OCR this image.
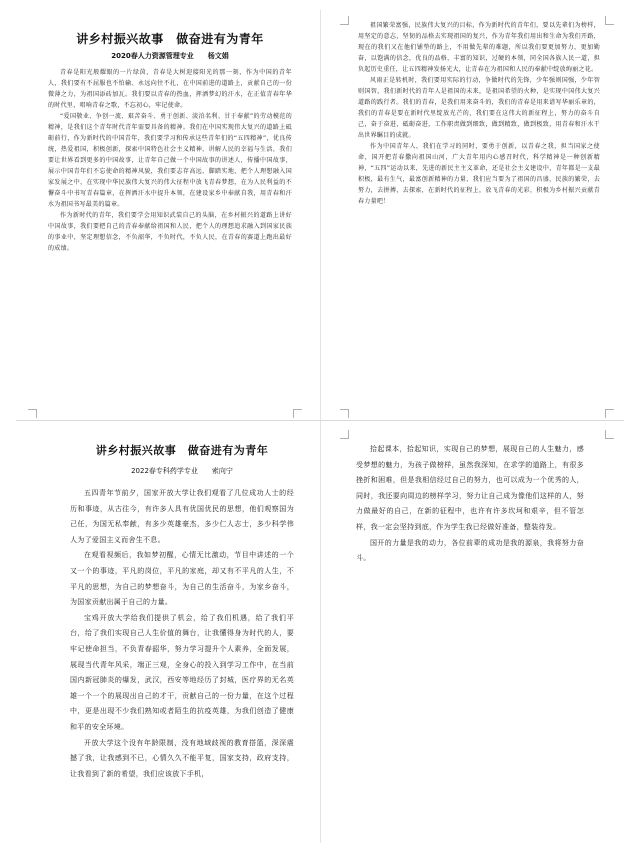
讲乡村振兴故事　做奋进有为青年
2020春人力资源管理专业　　杨文娟

青春是阳光般耀眼的一片绿茵，青春是大树迎接阳光的那一刻，作为中国的青年人，我们要有不屈服也不怕输、永远向往不扎，在中国前进的道路上，贡献自己的一份微薄之力，为祖国添砖加瓦。我们要以青春的热血，挥洒梦幻的汗水，在正值青春年华的时代里，唱响青春之歌，不忘初心，牢记使命。

“爱国敬业、争创一流、艰苦奋斗、勇于创新、淡泊名利、甘于奉献”的劳动模范的精神，是我们这个青年时代青年需要具备的精神。我们在中国实现伟大复兴的道路上砥砺前行，作为新时代的中国青年，我们要学习和传承这些青年们的“五四精神”，优良传统，热爱祖国，积极创新，探索中国特色社会主义精神，讲解人民的幸福与生活，我们要让世界看到更多的中国故事，让青年自己做一个中国故事的讲述人，传播中国故事，展示中国青年们不忘使命的精神风貌，我们要志存高远，脚踏实地，把个人理想融入国家发展之中，在实现中华民族伟大复兴的伟大征程中放飞青春梦想，在为人民利益的不懈奋斗中书写青春篇章，在挥洒汗水中提升本领，在建设家乡中奉献自我，用青春和汗水为祖国书写最美的篇章。

作为新时代的青年，我们要学会用知识武装自己的头脑，在乡村振兴的道路上讲好中国故事，我们要把自己的青春奉献给祖国和人民，把个人的理想追求融入到国家民族的事业中，坚定理想信念，不负韶华，不负时代，不负人民，在青春的赛道上跑出最好的成绩。

祖国繁荣富强，民族伟大复兴的目标，作为新时代的青年们，要以先辈们为榜样，用坚定的意志，坚韧的品格去实现祖国的复兴，作为青年我们用出和生命为我们开路，现在的我们又在他们铺垫的路上，不用做先辈的难题，所以我们要更加努力，更加勤奋，以饱满的信念，优良的品格，丰富的知识，过硬的本领，同全国各族人民一道，担负起历史重任，让五四精神发扬光大，让青春在为祖国和人民的奉献中绽放绚丽之花。

风雨正是转机时，我们要用实际的行动，争做时代的先锋，少年强则国强，少年智则国智，我们新时代的青年人是祖国的未来，是祖国希望的火种，是实现中国伟大复兴道路的践行者。我们的青春，是我们用来奋斗的，我们的青春是用来谱写华丽乐章的，我们的青春是要在新时代里绽放光芒的，我们要在这伟大的新征程上，努力的奋斗自己，奋于奋进，砥砺奋进，工作职责做到细致，做到精致，做到极致，用青春和汗水干出世界瞩目的成就。

作为中国青年人，我们在学习的同时，要勇于创新，以青春之我，担当国家之使命，国开把青春撒向祖国山河，广大青年用内心感召时代，科学精神是一种创新精神，“五四”运动以来，先进的新民主主义革命，还是社会主义建设中，青年都是一支最积极，最有生气，最富创新精神的力量，我们应当要为了祖国的昌盛，民族的繁荣，去努力，去拼搏，去探索，在新时代的征程上，放飞青春的光彩，积极为乡村振兴贡献青春力量吧！

讲乡村振兴故事　做奋进有为青年
2022春专科药学专业　　索向宁

五四青年节前夕，国家开放大学让我们观看了几位成功人士的经历和事迹，从古往今，有许多人具有优国优民的思想，他们观察国为己任，为国无私奉献，有多少英雄豪杰，多少仁人志士，多少科学伟人为了爱国主义而舍生不息。

在观看视频后，我如梦初醒，心情无比激动，节目中讲述的一个又一个的事迹，平凡的岗位，平凡的家庭，却又有不平凡的人生，不平凡的思想，为自己的梦想奋斗，为自己的生活奋斗，为家乡奋斗，为国家贡献出属于自己的力量。

宝鸡开放大学给我们提供了机会，给了我们机遇，给了我们平台，给了我们实现自己人生价值的舞台，让我懂得身为时代的人，要牢记使命担当，不负青春韶华，努力学习提升个人素养，全面发展，展现当代青年风采，端正三观，全身心的投入到学习工作中，在当前国内新冠肺炎的爆发，武汉，西安等地经历了封城，医疗界的无名英雄一个一个的展现出自己的才干，贡献自己的一份力量，在这个过程中，更是出现不少我们熟知或者陌生的抗疫英雄，为我们创造了健康和平的安全环境。

开放大学这个没有年龄限制，没有地域歧视的教育搭篮，深深震撼了我，让我感到不已，心情久久不能平复，国家支持，政府支持，让我看到了新的希望，我们应该放下手机，

拾起课本，拾起知识，实现自己的梦想，展现自己的人生魅力，感受梦想的魅力，为孩子做榜样，虽然我深知，在求学的道路上，有很多挫折和困难，但是我相信经过自己的努力，也可以成为一个优秀的人，同时，我还要向周边的榜样学习，努力让自己成为像他们这样的人，努力做最好的自己，在新的征程中，也许有许多坎坷和艰辛，但不管怎样，我一定会坚持到底，作为学生我已经做好准备，整装待发。

国开的力量是我的动力，各位前辈的成功是我的源泉，我将努力奋斗。
